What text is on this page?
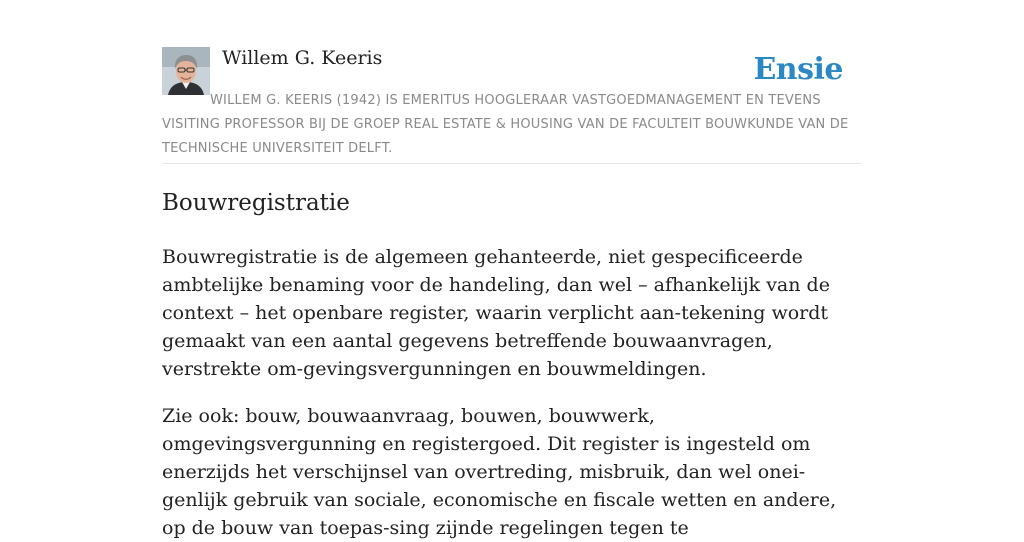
Willem G. Keeris	Ensie
WILLEM G. KEERIS (1942) IS EMERITUS HOOGLERAAR VASTGOEDMANAGEMENT EN TEVENS VISITING PROFESSOR BIJ DE GROEP REAL ESTATE & HOUSING VAN DE FACULTEIT BOUWKUNDE VAN DE TECHNISCHE UNIVERSITEIT DELFT.
Bouwregistratie

Bouwregistratie is de algemeen gehanteerde, niet gespecificeerde ambtelijke benaming voor de handeling, dan wel – afhankelijk van de context – het openbare register, waarin verplicht aan-tekening wordt gemaakt van een aantal gegevens betreffende bouwaanvragen, verstrekte om-gevingsvergunningen en bouwmeldingen.

Zie ook: bouw, bouwaanvraag, bouwen, bouwwerk, omgevingsvergunning en registergoed. Dit register is ingesteld om enerzijds het verschijnsel van overtreding, misbruik, dan wel onei-genlijk gebruik van sociale, economische en fiscale wetten en andere, op de bouw van toepas-sing zijnde regelingen tegen te
